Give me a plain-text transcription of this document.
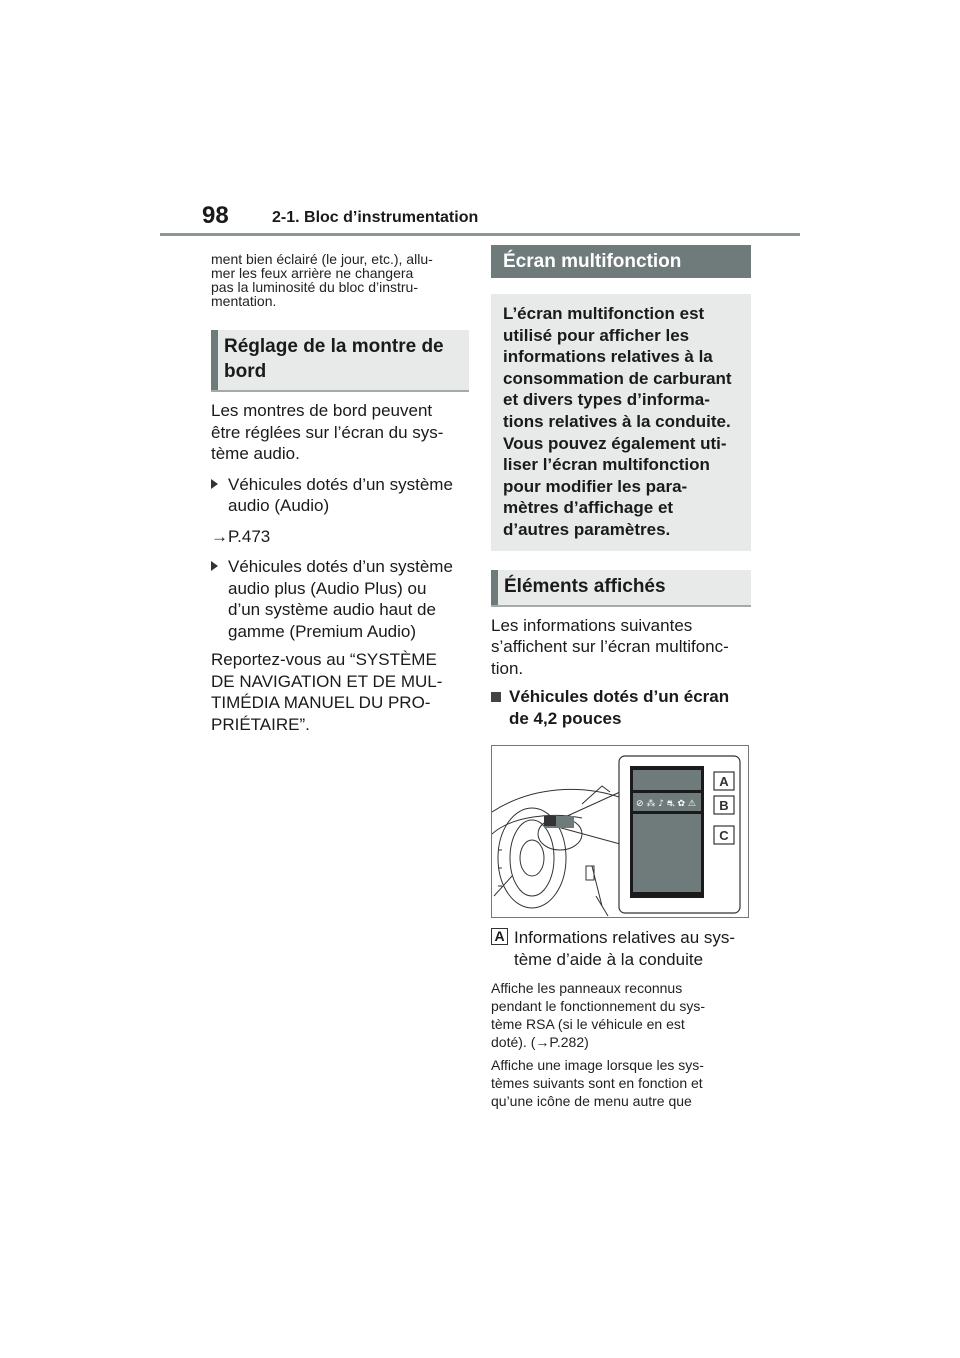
98	2-1. Bloc d’instrumentation
ment bien éclairé (le jour, etc.), allu-
mer les feux arrière ne changera
pas la luminosité du bloc d’instru-
mentation.
Réglage de la montre de
bord
Les montres de bord peuvent
être réglées sur l’écran du sys-
tème audio.
Véhicules dotés d’un système
audio (Audio)
→P.473
Véhicules dotés d’un système
audio plus (Audio Plus) ou
d’un système audio haut de
gamme (Premium Audio)
Reportez-vous au “SYSTÈME
DE NAVIGATION ET DE MUL-
TIMÉDIA MANUEL DU PRO-
PRIÉTAIRE”.
Écran multifonction
L’écran multifonction est
utilisé pour afficher les
informations relatives à la
consommation de carburant
et divers types d’informa-
tions relatives à la conduite.
Vous pouvez également uti-
liser l’écran multifonction
pour modifier les para-
mètres d’affichage et
d’autres paramètres.
Éléments affichés
Les informations suivantes
s’affichent sur l’écran multifonc-
tion.
Véhicules dotés d’un écran
de 4,2 pouces
⊘ ⁂ ♪ ⛐ ✿ ⚠
A
B
C
A Informations relatives au sys-
tème d’aide à la conduite
Affiche les panneaux reconnus
pendant le fonctionnement du sys-
tème RSA (si le véhicule en est
doté). (→P.282)
Affiche une image lorsque les sys-
tèmes suivants sont en fonction et
qu’une icône de menu autre que
